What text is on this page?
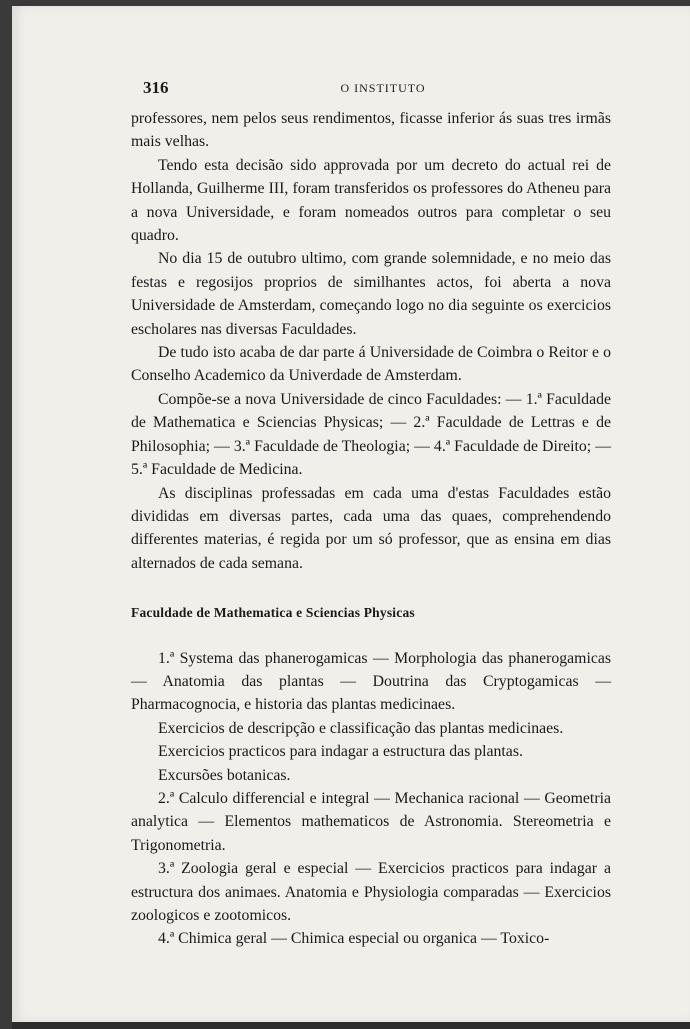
316	O INSTITUTO

professores, nem pelos seus rendimentos, ficasse inferior ás suas tres irmãs mais velhas.

Tendo esta decisão sido approvada por um decreto do actual rei de Hollanda, Guilherme III, foram transferidos os professores do Atheneu para a nova Universidade, e foram nomeados outros para completar o seu quadro.

No dia 15 de outubro ultimo, com grande solemnidade, e no meio das festas e regosijos proprios de similhantes actos, foi aberta a nova Universidade de Amsterdam, começando logo no dia seguinte os exercicios escholares nas diversas Faculdades.

De tudo isto acaba de dar parte á Universidade de Coimbra o Reitor e o Conselho Academico da Univerdade de Amsterdam.

Compõe-se a nova Universidade de cinco Faculdades: — 1.ª Faculdade de Mathematica e Sciencias Physicas; — 2.ª Faculdade de Lettras e de Philosophia; — 3.ª Faculdade de Theologia; — 4.ª Faculdade de Direito; — 5.ª Faculdade de Medicina.

As disciplinas professadas em cada uma d'estas Faculdades estão divididas em diversas partes, cada uma das quaes, comprehendendo differentes materias, é regida por um só professor, que as ensina em dias alternados de cada semana.

Faculdade de Mathematica e Sciencias Physicas

1.ª Systema das phanerogamicas — Morphologia das phanerogamicas — Anatomia das plantas — Doutrina das Cryptogamicas — Pharmacognocia, e historia das plantas medicinaes.

Exercicios de descripção e classificação das plantas medicinaes.

Exercicios practicos para indagar a estructura das plantas.

Excursões botanicas.

2.ª Calculo differencial e integral — Mechanica racional — Geometria analytica — Elementos mathematicos de Astronomia. Stereometria e Trigonometria.

3.ª Zoologia geral e especial — Exercicios practicos para indagar a estructura dos animaes. Anatomia e Physiologia comparadas — Exercicios zoologicos e zootomicos.

4.ª Chimica geral — Chimica especial ou organica — Toxico-
